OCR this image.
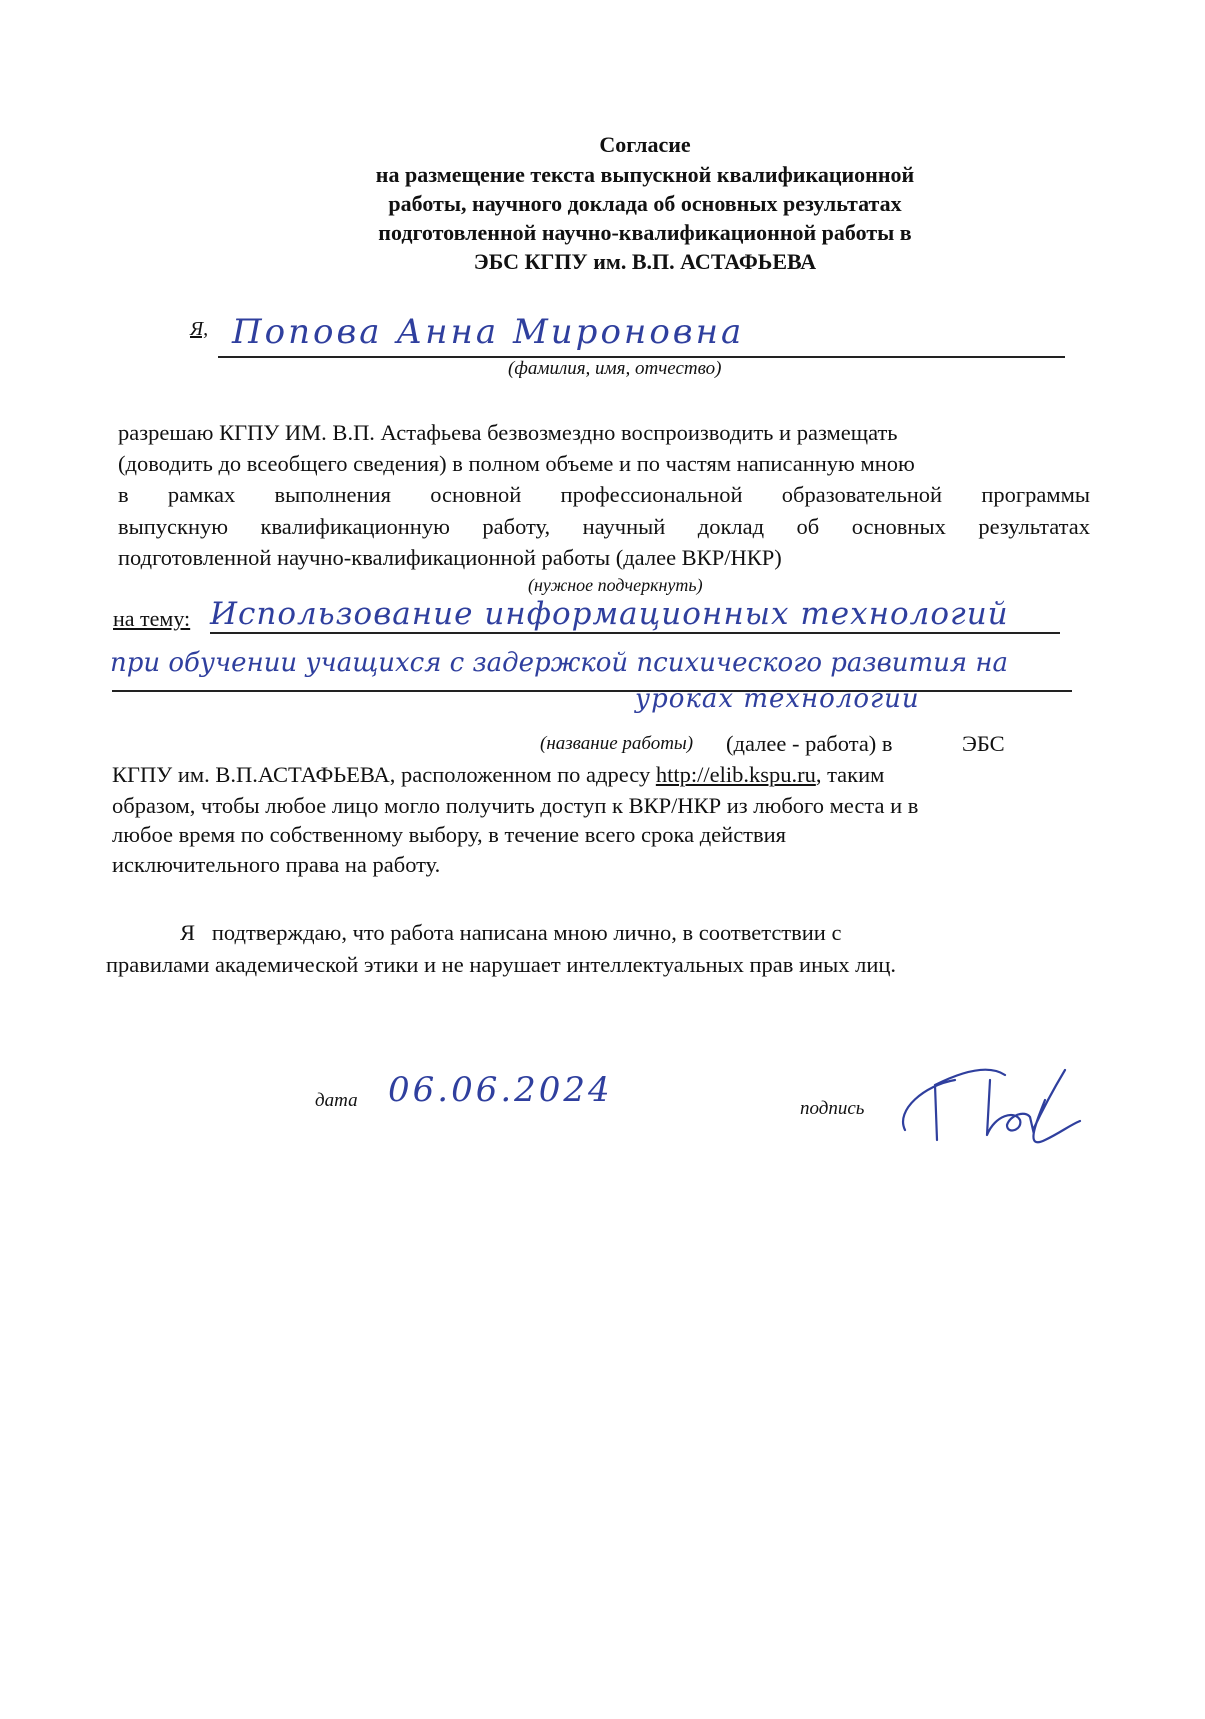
Согласие
на размещение текста выпускной квалификационной
работы, научного доклада об основных результатах
подготовленной научно-квалификационной работы в
ЭБС КГПУ им. В.П. АСТАФЬЕВА
Я, Попова Анна Мироновна
(фамилия, имя, отчество)
разрешаю КГПУ ИМ. В.П. Астафьева безвозмездно воспроизводить и размещать
(доводить до всеобщего сведения) в полном объеме и по частям написанную мною
в рамках выполнения основной профессиональной образовательной программы
выпускную квалификационную работу, научный доклад об основных результатах
подготовленной научно-квалификационной работы (далее ВКР/НКР)
(нужное подчеркнуть)
на тему: Использование информационных технологий
при обучении учащихся с задержкой психического развития на
уроках технологии
(название работы) (далее - работа) в	ЭБС
КГПУ им. В.П.АСТАФЬЕВА, расположенном по адресу http://elib.kspu.ru, таким
образом, чтобы любое лицо могло получить доступ к ВКР/НКР из любого места и в
любое время по собственному выбору, в течение всего срока действия
исключительного права на работу.
Я   подтверждаю, что работа написана мною лично, в соответствии с
правилами академической этики и не нарушает интеллектуальных прав иных лиц.
дата 06.06.2024	подпись
